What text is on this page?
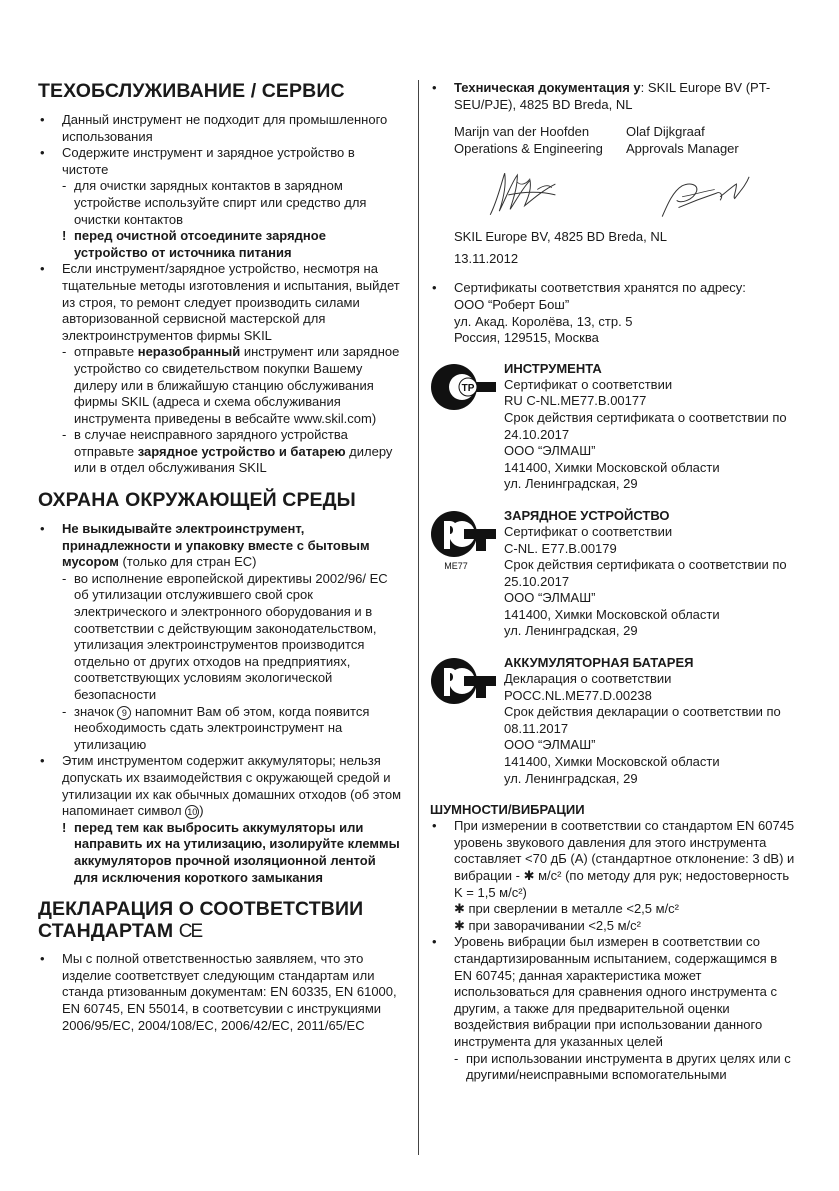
ТЕХОБСЛУЖИВАНИЕ / СЕРВИС
• Данный инструмент не подходит для промышленного использования
• Содержите инструмент и зарядное устройство в чистоте
- для очистки зарядных контактов в зарядном устройстве используйте спирт или средство для очистки контактов
! перед очистной отсоедините зарядное устройство от источника питания
• Если инструмент/зарядное устройство, несмотря на тщательные методы изготовления и испытания, выйдет из строя, то ремонт следует производить силами авторизованной сервисной мастерской для электроинструментов фирмы SKIL
- отправьте неразобранный инструмент или зарядное устройство со свидетельством покупки Вашему дилеру или в ближайшую станцию обслуживания фирмы SKIL (адреса и схема обслуживания инструмента приведены в вебсайте www.skil.com)
- в случае неисправного зарядного устройства отправьте зарядное устройство и батарею дилеру или в отдел обслуживания SKIL
ОХРАНА ОКРУЖАЮЩЕЙ СРЕДЫ
• Не выкидывайте электроинструмент, принадлежности и упаковку вместе с бытовым мусором (только для стран ЕС)
- во исполнение европейской директивы 2002/96/ ЕС об утилизации отслужившего свой срок электрического и электронного оборудования и в соответствии с действующим законодательством, утилизация электроинструментов производится отдельно от других отходов на предприятиях, соответствующих условиям экологической безопасности
- значок 9 напомнит Вам об этом, когда появится необходимость сдать электроинструмент на утилизацию
• Этим инструментом содержит аккумуляторы; нельзя допускать их взаимодействия с окружающей средой и утилизации их как обычных домашних отходов (об этом напоминает символ 10 )
! перед тем как выбросить аккумуляторы или направить их на утилизацию, изолируйте клеммы аккумуляторов прочной изоляционной лентой для исключения короткого замыкания
ДЕКЛАРАЦИЯ О СООТВЕТСТВИИ
СТАНДАРТАМ CE
• Мы с полной ответственностью заявляем, что это изделие соответствует следующим стандартам или станда ртизованным документам: EN 60335, EN 61000, EN 60745, EN 55014, в соответсувии с инструкциями 2006/95/EC, 2004/108/EC, 2006/42/EC, 2011/65/EC
• Техническая документация у: SKIL Europe BV (PT-SEU/PJE), 4825 BD Breda, NL
Marijn van der Hoofden
Operations & Engineering
Olaf Dijkgraaf
Approvals Manager
SKIL Europe BV, 4825 BD Breda, NL
13.11.2012
• Сертификаты соответствия хранятся по адресу:
ООО “Роберт Бош”
ул. Акад. Королёва, 13, стр. 5
Россия, 129515, Москва
ТР
ИНСТРУМЕНТА

Сертификат о соответствии

RU C-NL.ME77.B.00177

Срок действия сертификата о соответствии по 24.10.2017

ООО “ЭЛМАШ”

141400, Химки Московской области

ул. Ленинградская, 29

ME77
ЗАРЯДНОЕ УСТРОЙСТВО

Сертификат о соответствии

C-NL. E77.B.00179

Срок действия сертификата о соответствии по 25.10.2017

ООО “ЭЛМАШ”

141400, Химки Московской области

ул. Ленинградская, 29

АККУМУЛЯТОРНАЯ БАТАРЕЯ

Декларация о соответствии

РОСС.NL.ME77.D.00238

Срок действия декларации о соответствии по 08.11.2017

ООО “ЭЛМАШ”

141400, Химки Московской области

ул. Ленинградская, 29

ШУМНОСТИ/ВИБРАЦИИ
• При измерении в соответствии со стандартом EN 60745 уровень звукового давления для этого инструмента составляет <70 дБ (A) (стандартное отклонение: 3 dB) и вибрации - ✱ м/с² (по методу для рук; недостоверность K = 1,5 м/с²)
✱ при сверлении в металле <2,5 м/с²
✱ при заворачивании <2,5 м/с²
• Уровень вибрации был измерен в соответствии со стандартизированным испытанием, содержащимся в EN 60745; данная характеристика может использоваться для сравнения одного инструмента с другим, а также для предварительной оценки воздействия вибрации при использовании данного инструмента для указанных целей
- при использовании инструмента в других целях или с другими/неисправными вспомогательными
